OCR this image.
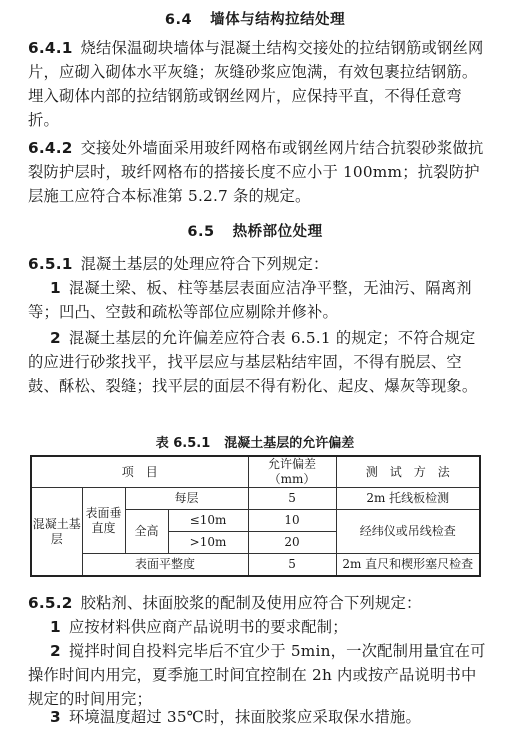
6.4 墙体与结构拉结处理
6.4.1 烧结保温砌块墙体与混凝土结构交接处的拉结钢筋或钢丝网片，应砌入砌体水平灰缝；灰缝砂浆应饱满，有效包裹拉结钢筋。埋入砌体内部的拉结钢筋或钢丝网片，应保持平直，不得任意弯折。
6.4.2 交接处外墙面采用玻纤网格布或钢丝网片结合抗裂砂浆做抗裂防护层时，玻纤网格布的搭接长度不应小于 100mm；抗裂防护层施工应符合本标准第 5.2.7 条的规定。
6.5 热桥部位处理
6.5.1 混凝土基层的处理应符合下列规定：
1 混凝土梁、板、柱等基层表面应洁净平整，无油污、隔离剂等；凹凸、空鼓和疏松等部位应剔除并修补。
2 混凝土基层的允许偏差应符合表 6.5.1 的规定；不符合规定的应进行砂浆找平，找平层应与基层粘结牢固，不得有脱层、空鼓、酥松、裂缝；找平层的面层不得有粉化、起皮、爆灰等现象。
表 6.5.1 混凝土基层的允许偏差
项　目				允许偏差（mm）	测　试　方　法
混凝土基层	表面垂直度	每层		5	2m 托线板检测
		全高	≤10m	10	经纬仪或吊线检查
			>10m	20	
	表面平整度			5	2m 直尺和楔形塞尺检查
6.5.2 胶粘剂、抹面胶浆的配制及使用应符合下列规定：
1 应按材料供应商产品说明书的要求配制；
2 搅拌时间自投料完毕后不宜少于 5min，一次配制用量宜在可操作时间内用完，夏季施工时间宜控制在 2h 内或按产品说明书中规定的时间用完；
3 环境温度超过 35℃时，抹面胶浆应采取保水措施。
